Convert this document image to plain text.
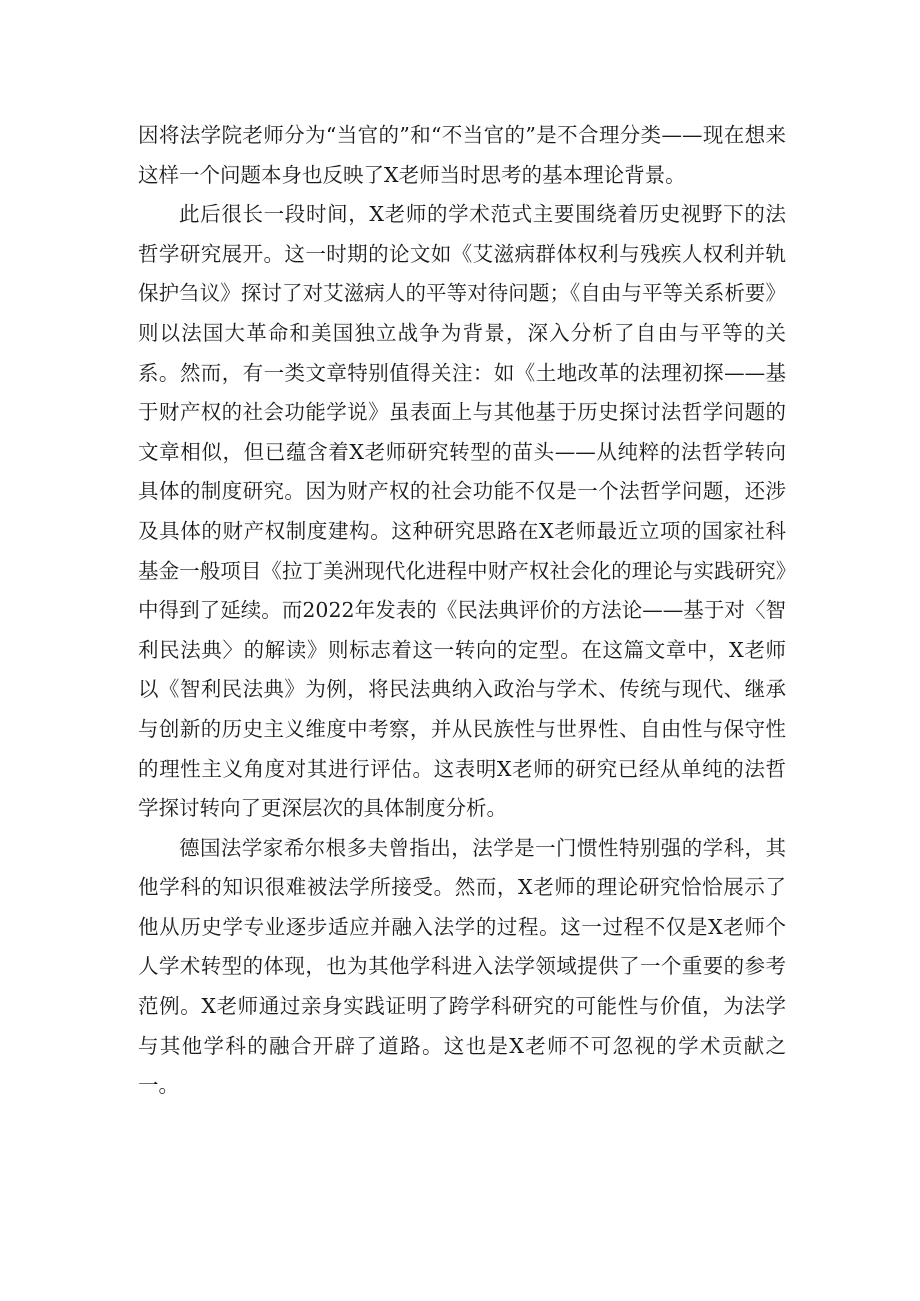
因将法学院老师分为“当官的”和“不当官的”是不合理分类——现在想来这样一个问题本身也反映了X老师当时思考的基本理论背景。

此后很长一段时间，X老师的学术范式主要围绕着历史视野下的法哲学研究展开。这一时期的论文如《艾滋病群体权利与残疾人权利并轨保护刍议》探讨了对艾滋病人的平等对待问题；《自由与平等关系析要》则以法国大革命和美国独立战争为背景，深入分析了自由与平等的关系。然而，有一类文章特别值得关注：如《土地改革的法理初探——基于财产权的社会功能学说》虽表面上与其他基于历史探讨法哲学问题的文章相似，但已蕴含着X老师研究转型的苗头——从纯粹的法哲学转向具体的制度研究。因为财产权的社会功能不仅是一个法哲学问题，还涉及具体的财产权制度建构。这种研究思路在X老师最近立项的国家社科基金一般项目《拉丁美洲现代化进程中财产权社会化的理论与实践研究》中得到了延续。而2022年发表的《民法典评价的方法论——基于对〈智利民法典〉的解读》则标志着这一转向的定型。在这篇文章中，X老师以《智利民法典》为例，将民法典纳入政治与学术、传统与现代、继承与创新的历史主义维度中考察，并从民族性与世界性、自由性与保守性的理性主义角度对其进行评估。这表明X老师的研究已经从单纯的法哲学探讨转向了更深层次的具体制度分析。

德国法学家希尔根多夫曾指出，法学是一门惯性特别强的学科，其他学科的知识很难被法学所接受。然而，X老师的理论研究恰恰展示了他从历史学专业逐步适应并融入法学的过程。这一过程不仅是X老师个人学术转型的体现，也为其他学科进入法学领域提供了一个重要的参考范例。X老师通过亲身实践证明了跨学科研究的可能性与价值，为法学与其他学科的融合开辟了道路。这也是X老师不可忽视的学术贡献之一。
